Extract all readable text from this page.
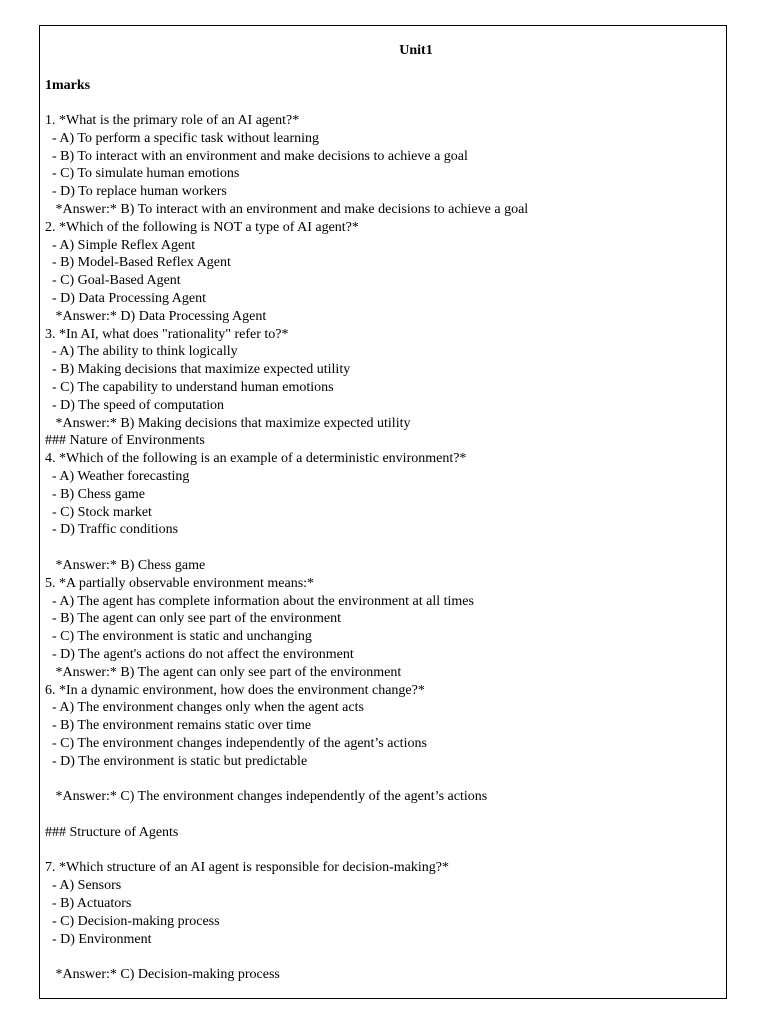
Unit1
1marks
1. *What is the primary role of an AI agent?*
- A) To perform a specific task without learning
- B) To interact with an environment and make decisions to achieve a goal
- C) To simulate human emotions
- D) To replace human workers
*Answer:* B) To interact with an environment and make decisions to achieve a goal
2. *Which of the following is NOT a type of AI agent?*
- A) Simple Reflex Agent
- B) Model-Based Reflex Agent
- C) Goal-Based Agent
- D) Data Processing Agent
*Answer:* D) Data Processing Agent
3. *In AI, what does "rationality" refer to?*
- A) The ability to think logically
- B) Making decisions that maximize expected utility
- C) The capability to understand human emotions
- D) The speed of computation
*Answer:* B) Making decisions that maximize expected utility
### Nature of Environments
4. *Which of the following is an example of a deterministic environment?*
- A) Weather forecasting
- B) Chess game
- C) Stock market
- D) Traffic conditions
*Answer:* B) Chess game
5. *A partially observable environment means:*
- A) The agent has complete information about the environment at all times
- B) The agent can only see part of the environment
- C) The environment is static and unchanging
- D) The agent's actions do not affect the environment
*Answer:* B) The agent can only see part of the environment
6. *In a dynamic environment, how does the environment change?*
- A) The environment changes only when the agent acts
- B) The environment remains static over time
- C) The environment changes independently of the agent’s actions
- D) The environment is static but predictable
*Answer:* C) The environment changes independently of the agent’s actions
### Structure of Agents
7. *Which structure of an AI agent is responsible for decision-making?*
- A) Sensors
- B) Actuators
- C) Decision-making process
- D) Environment
*Answer:* C) Decision-making process
